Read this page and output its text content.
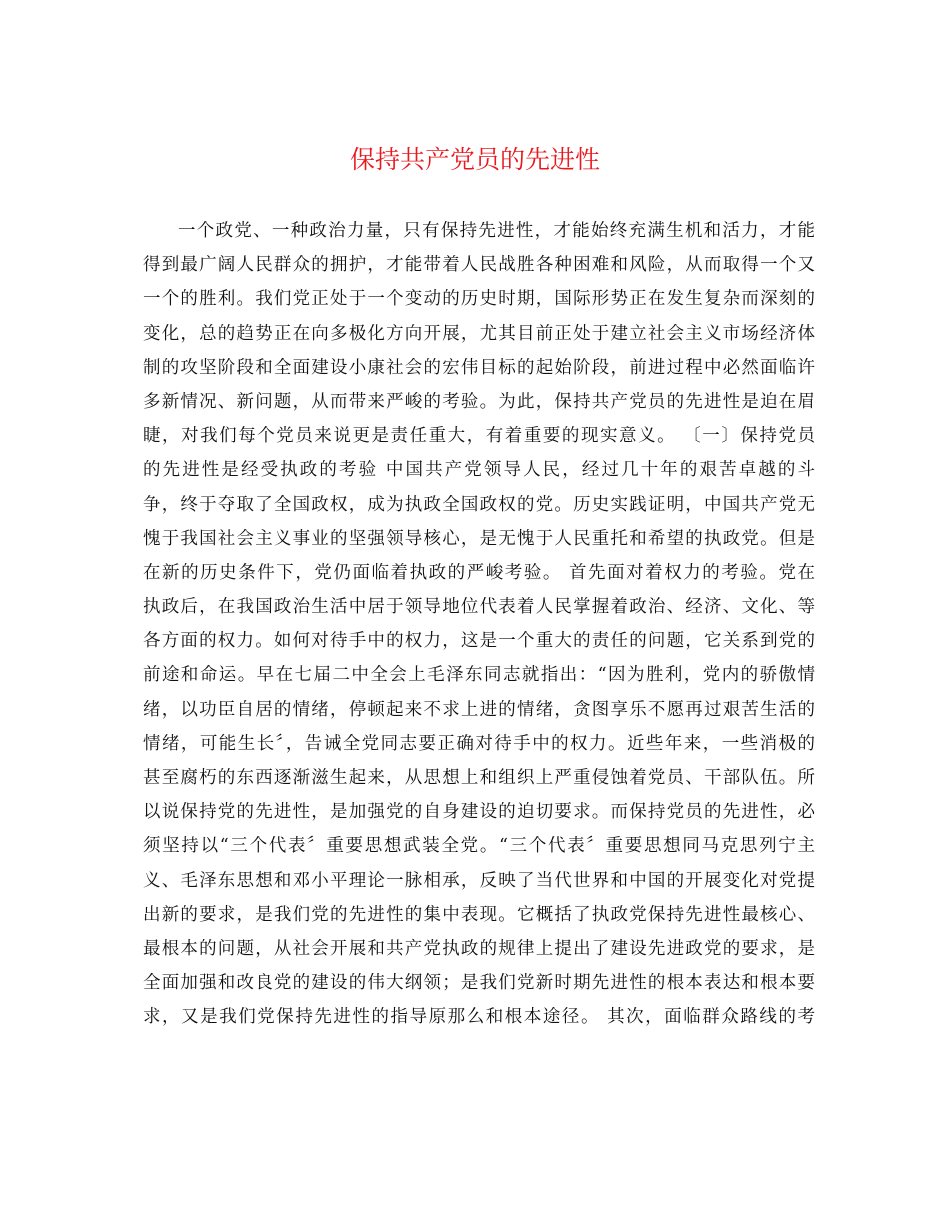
保持共产党员的先进性
一个政党、一种政治力量，只有保持先进性，才能始终充满生机和活力，才能
得到最广阔人民群众的拥护，才能带着人民战胜各种困难和风险，从而取得一个又
一个的胜利。我们党正处于一个变动的历史时期，国际形势正在发生复杂而深刻的
变化，总的趋势正在向多极化方向开展，尤其目前正处于建立社会主义市场经济体
制的攻坚阶段和全面建设小康社会的宏伟目标的起始阶段，前进过程中必然面临许
多新情况、新问题，从而带来严峻的考验。为此，保持共产党员的先进性是迫在眉
睫，对我们每个党员来说更是责任重大，有着重要的现实意义。 〔一〕保持党员
的先进性是经受执政的考验 中国共产党领导人民，经过几十年的艰苦卓越的斗
争，终于夺取了全国政权，成为执政全国政权的党。历史实践证明，中国共产党无
愧于我国社会主义事业的坚强领导核心，是无愧于人民重托和希望的执政党。但是
在新的历史条件下，党仍面临着执政的严峻考验。 首先面对着权力的考验。党在
执政后，在我国政治生活中居于领导地位代表着人民掌握着政治、经济、文化、等
各方面的权力。如何对待手中的权力，这是一个重大的责任的问题，它关系到党的
前途和命运。早在七届二中全会上毛泽东同志就指出：“因为胜利，党内的骄傲情
绪，以功臣自居的情绪，停顿起来不求上进的情绪，贪图享乐不愿再过艰苦生活的
情绪，可能生长〞，告诫全党同志要正确对待手中的权力。近些年来，一些消极的
甚至腐朽的东西逐渐滋生起来，从思想上和组织上严重侵蚀着党员、干部队伍。所
以说保持党的先进性，是加强党的自身建设的迫切要求。而保持党员的先进性，必
须坚持以“三个代表〞重要思想武装全党。“三个代表〞重要思想同马克思列宁主
义、毛泽东思想和邓小平理论一脉相承，反映了当代世界和中国的开展变化对党提
出新的要求，是我们党的先进性的集中表现。它概括了执政党保持先进性最核心、
最根本的问题，从社会开展和共产党执政的规律上提出了建设先进政党的要求，是
全面加强和改良党的建设的伟大纲领；是我们党新时期先进性的根本表达和根本要
求，又是我们党保持先进性的指导原那么和根本途径。 其次，面临群众路线的考
